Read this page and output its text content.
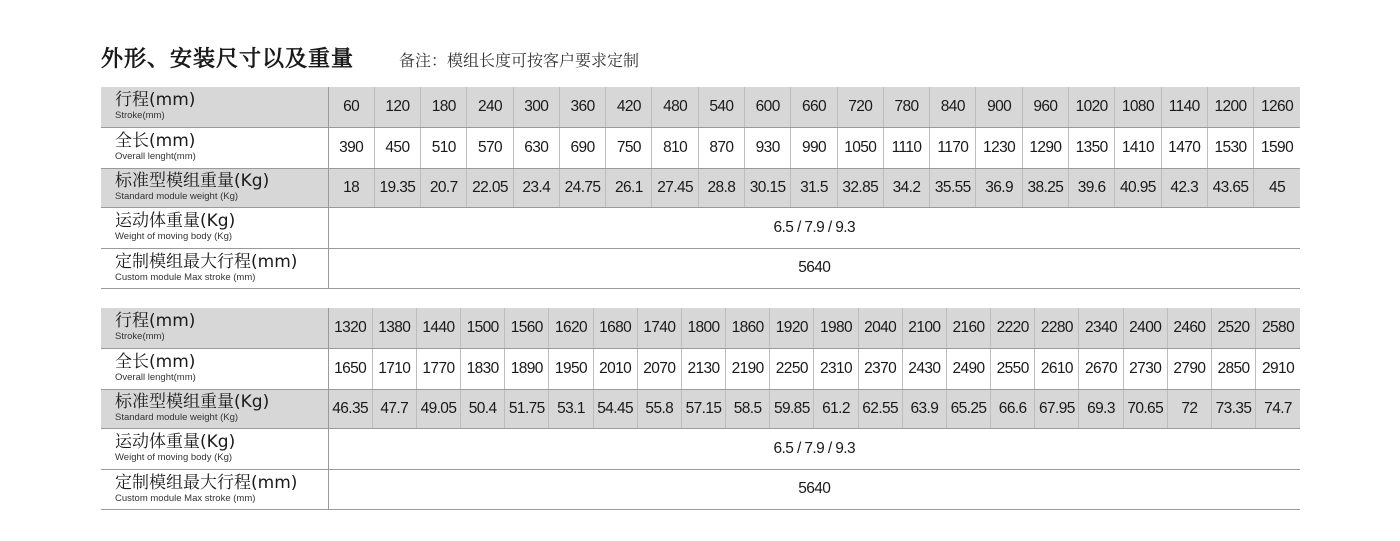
外形、安装尺寸以及重量	备注：模组长度可按客户要求定制
行程(mm)
Stroke(mm)	60	120	180	240	300	360	420	480	540	600	660	720	780	840	900	960	1020	1080	1140	1200	1260

全长(mm)
Overall lenght(mm)	390	450	510	570	630	690	750	810	870	930	990	1050	1110	1170	1230	1290	1350	1410	1470	1530	1590

标准型模组重量(Kg)
Standard module weight (Kg)	18	19.35	20.7	22.05	23.4	24.75	26.1	27.45	28.8	30.15	31.5	32.85	34.2	35.55	36.9	38.25	39.6	40.95	42.3	43.65	45

运动体重量(Kg)
Weight of moving body (Kg)	6.5 / 7.9 / 9.3																				

定制模组最大行程(mm)
Custom module Max stroke (mm)	5640																				
行程(mm)
Stroke(mm)	1320	1380	1440	1500	1560	1620	1680	1740	1800	1860	1920	1980	2040	2100	2160	2220	2280	2340	2400	2460	2520	2580

全长(mm)
Overall lenght(mm)	1650	1710	1770	1830	1890	1950	2010	2070	2130	2190	2250	2310	2370	2430	2490	2550	2610	2670	2730	2790	2850	2910

标准型模组重量(Kg)
Standard module weight (Kg)	46.35	47.7	49.05	50.4	51.75	53.1	54.45	55.8	57.15	58.5	59.85	61.2	62.55	63.9	65.25	66.6	67.95	69.3	70.65	72	73.35	74.7

运动体重量(Kg)
Weight of moving body (Kg)	6.5 / 7.9 / 9.3																					

定制模组最大行程(mm)
Custom module Max stroke (mm)	5640																					
